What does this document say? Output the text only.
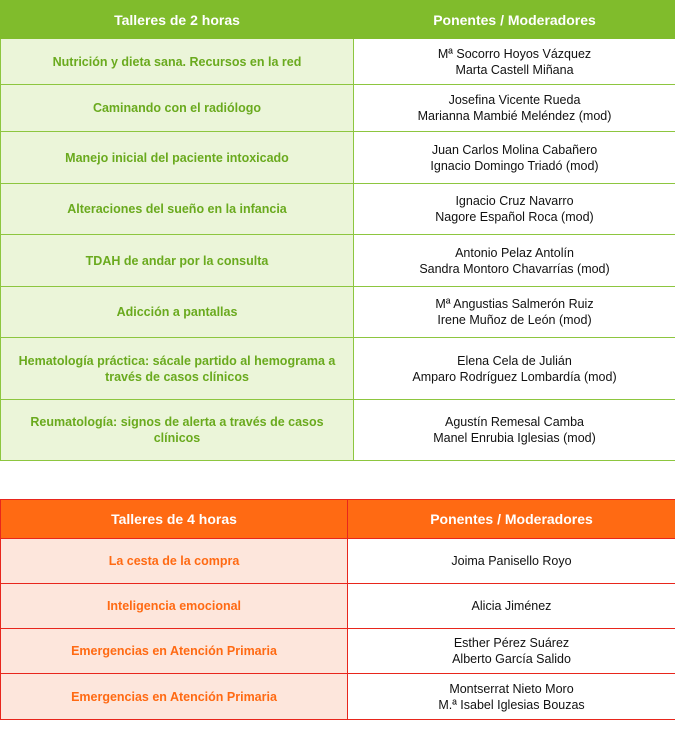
Talleres de 2 horas	Ponentes / Moderadores
Nutrición y dieta sana. Recursos en la red	Mª Socorro Hoyos Vázquez
Marta Castell Miñana

Caminando con el radiólogo	Josefina Vicente Rueda
Marianna Mambié Meléndez (mod)

Manejo inicial del paciente intoxicado	Juan Carlos Molina Cabañero
Ignacio Domingo Triadó (mod)

Alteraciones del sueño en la infancia	Ignacio Cruz Navarro
Nagore Español Roca (mod)

TDAH de andar por la consulta	Antonio Pelaz Antolín
Sandra Montoro Chavarrías (mod)

Adicción a pantallas	Mª Angustias Salmerón Ruiz
Irene Muñoz de León (mod)

Hematología práctica: sácale partido al hemograma a
través de casos clínicos	Elena Cela de Julián
Amparo Rodríguez Lombardía (mod)

Reumatología: signos de alerta a través de casos
clínicos	Agustín Remesal Camba
Manel Enrubia Iglesias (mod)
Talleres de 4 horas	Ponentes / Moderadores
La cesta de la compra	Joima Panisello Royo

Inteligencia emocional	Alicia Jiménez

Emergencias en Atención Primaria	Esther Pérez Suárez
Alberto García Salido

Emergencias en Atención Primaria	Montserrat Nieto Moro
M.ª Isabel Iglesias Bouzas
